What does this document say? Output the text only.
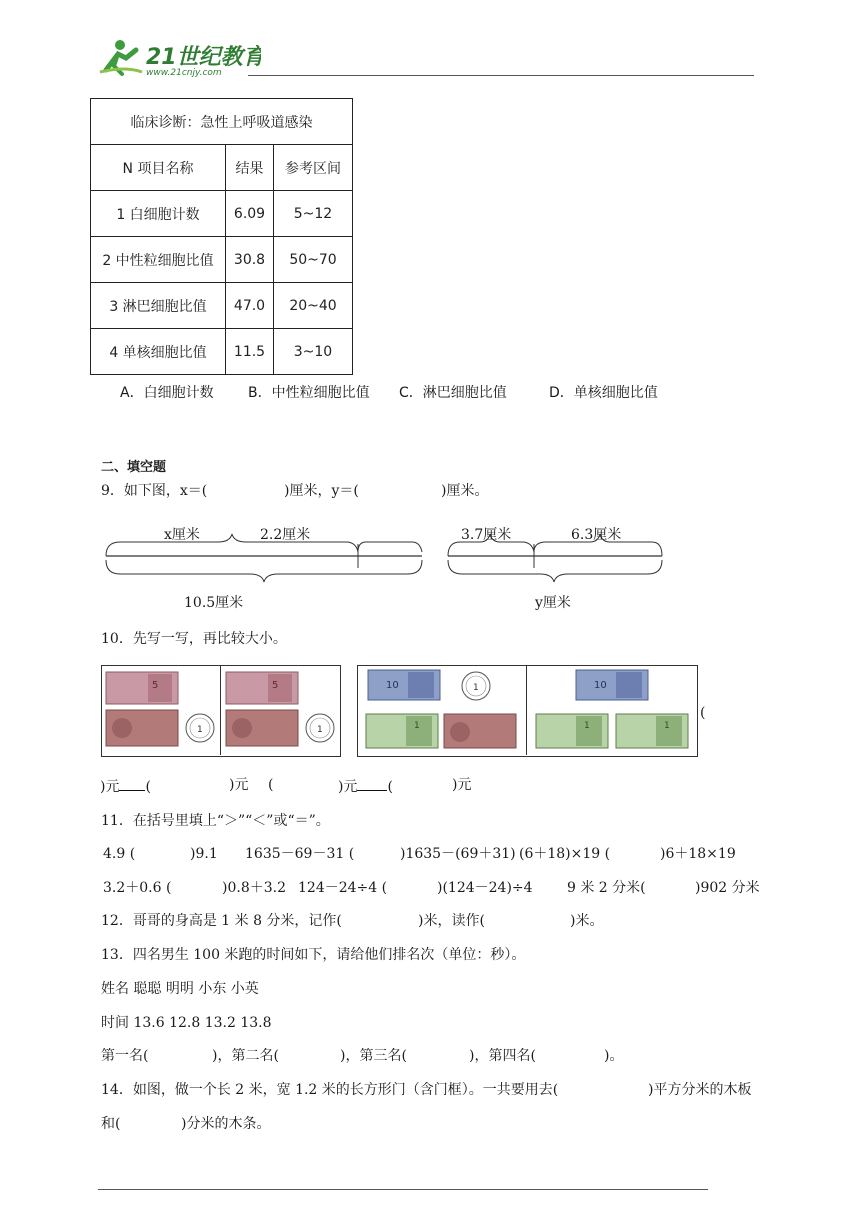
21世纪教育
www.21cnjy.com
临床诊断：急性上呼吸道感染		
N 项目名称	结果	参考区间
1 白细胞计数	6.09	5~12
2 中性粒细胞比值	30.8	50~70
3 淋巴细胞比值	47.0	20~40
4 单核细胞比值	11.5	3~10
A．白细胞计数 B．中性粒细胞比值 C．淋巴细胞比值	D．单核细胞比值
二、填空题
9．如下图，x＝(	)厘米，y＝(	)厘米。
x厘米	2.2厘米
10.5厘米
3.7厘米	6.3厘米
y厘米
10．先写一写，再比较大小。
5
1
5
1
10	1
1
10
1	1
(
)元 (	)元 (	)元 (	)元
11．在括号里填上“＞”“＜”或“＝”。
4.9 (	)9.1 1635－69－31 (	)1635－(69＋31) (6＋18)×19 (	)6＋18×19
3.2＋0.6 (	)0.8＋3.2 124－24÷4 (	)(124－24)÷4 9 米 2 分米(	)902 分米
12．哥哥的身高是 1 米 8 分米，记作(	)米，读作(	)米。
13．四名男生 100 米跑的时间如下，请给他们排名次（单位：秒）。
姓名 聪聪 明明 小东 小英
时间 13.6 12.8 13.2 13.8
第一名(	)，第二名(	)，第三名(	)，第四名(	)。
14．如图，做一个长 2 米，宽 1.2 米的长方形门（含门框）。一共要用去(	)平方分米的木板
和(	)分米的木条。
